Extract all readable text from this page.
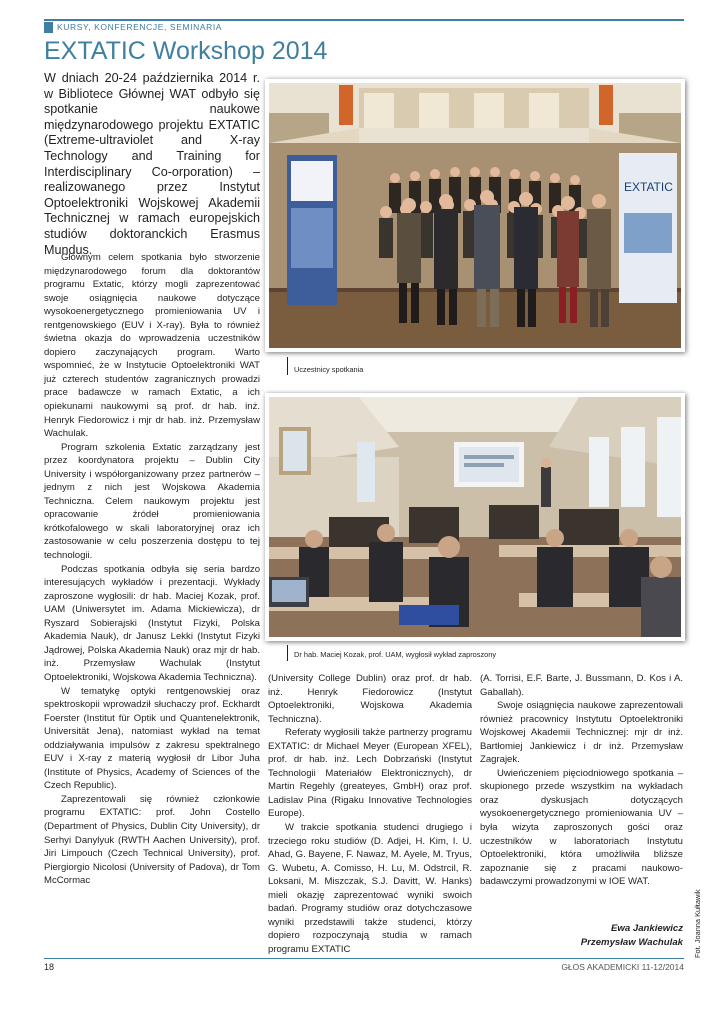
KURSY, KONFERENCJE, SEMINARIA
EXTATIC Workshop 2014
W dniach 20-24 października 2014 r. w Bibliotece Głównej WAT odbyło się spotkanie naukowe międzynarodowego projektu EXTATIC (Extreme-ultraviolet and X-ray Technology and Training for Interdisciplinary Co-orporation) – realizowanego przez Instytut Optoelektroniki Wojskowej Akademii Technicznej w ramach europejskich studiów doktoranckich Erasmus Mundus.

Głównym celem spotkania było stworzenie międzynarodowego forum dla doktorantów programu Extatic, którzy mogli zaprezentować swoje osiągnięcia naukowe dotyczące wysokoenergetycznego promieniowania UV i rentgenowskiego (EUV i X-ray). Była to również świetna okazja do wprowadzenia uczestników dopiero zaczynających program. Warto wspomnieć, że w Instytucie Optoelektroniki WAT już czterech studentów zagranicznych prowadzi prace badawcze w ramach Extatic, a ich opiekunami naukowymi są prof. dr hab. inż. Henryk Fiedorowicz i mjr dr hab. inż. Przemysław Wachulak.

Program szkolenia Extatic zarządzany jest przez koordynatora projektu – Dublin City University i współorganizowany przez partnerów – jednym z nich jest Wojskowa Akademia Techniczna. Celem naukowym projektu jest opracowanie źródeł promieniowania krótkofalowego w skali laboratoryjnej oraz ich zastosowanie w celu poszerzenia dostępu to tej technologii.

Podczas spotkania odbyła się seria bardzo interesujących wykładów i prezentacji. Wykłady zaproszone wygłosili: dr hab. Maciej Kozak, prof. UAM (Uniwersytet im. Adama Mickiewicza), dr Ryszard Sobierajski (Instytut Fizyki, Polska Akademia Nauk), dr Janusz Lekki (Instytut Fizyki Jądrowej, Polska Akademia Nauk) oraz mjr dr hab. inż. Przemysław Wachulak (Instytut Optoelektroniki, Wojskowa Akademia Techniczna).

W tematykę optyki rentgenowskiej oraz spektroskopii wprowadził słuchaczy prof. Eckhardt Foerster (Institut für Optik und Quantenelektronik, Universität Jena), natomiast wykład na temat oddziaływania impulsów z zakresu spektralnego EUV i X-ray z materią wygłosił dr Libor Juha (Institute of Physics, Academy of Sciences of the Czech Republic).

Zaprezentowali się również członkowie programu EXTATIC: prof. John Costello (Department of Physics, Dublin City University), dr Serhyi Danylyuk (RWTH Aachen University), prof. Jiri Limpouch (Czech Technical University), prof. Piergiorgio Nicolosi (University of Padova), dr Tom McCormac

EXTATIC
Uczestnicy spotkania
Dr hab. Maciej Kozak, prof. UAM, wygłosił wykład zaproszony

(University College Dublin) oraz prof. dr hab. inż. Henryk Fiedorowicz (Instytut Optoelektroniki, Wojskowa Akademia Techniczna).

Referaty wygłosili także partnerzy programu EXTATIC: dr Michael Meyer (European XFEL), prof. dr hab. inż. Lech Dobrzański (Instytut Technologii Materiałów Elektronicznych), dr Martin Regehly (greateyes, GmbH) oraz prof. Ladislav Pina (Rigaku Innovative Technologies Europe).

W trakcie spotkania studenci drugiego i trzeciego roku studiów (D. Adjei, H. Kim, I. U. Ahad, G. Bayene, F. Nawaz, M. Ayele, M. Tryus, G. Wubetu, A. Comisso, H. Lu, M. Odstrcil, R. Loksani, M. Miszczak, S.J. Davitt, W. Hanks) mieli okazję zaprezentować wyniki swoich badań. Programy studiów oraz dotychczasowe wyniki przedstawili także studenci, którzy dopiero rozpoczynają studia w ramach programu EXTATIC

(A. Torrisi, E.F. Barte, J. Bussmann, D. Kos i A. Gaballah).

Swoje osiągnięcia naukowe zaprezentowali również pracownicy Instytutu Optoelektroniki Wojskowej Akademii Technicznej: mjr dr inż. Bartłomiej Jankiewicz i dr inż. Przemysław Zagrajek.

Uwieńczeniem pięciodniowego spotkania – skupionego przede wszystkim na wykładach oraz dyskusjach dotyczących wysokoenergetycznego promieniowania UV – była wizyta zaproszonych gości oraz uczestników w laboratoriach Instytutu Optoelektroniki, która umożliwiła bliższe zapoznanie się z pracami naukowo-badawczymi prowadzonymi w IOE WAT.

Ewa Jankiewicz
Przemysław Wachulak Fot. Joanna Kułtawik
18	GŁOS AKADEMICKI 11-12/2014
